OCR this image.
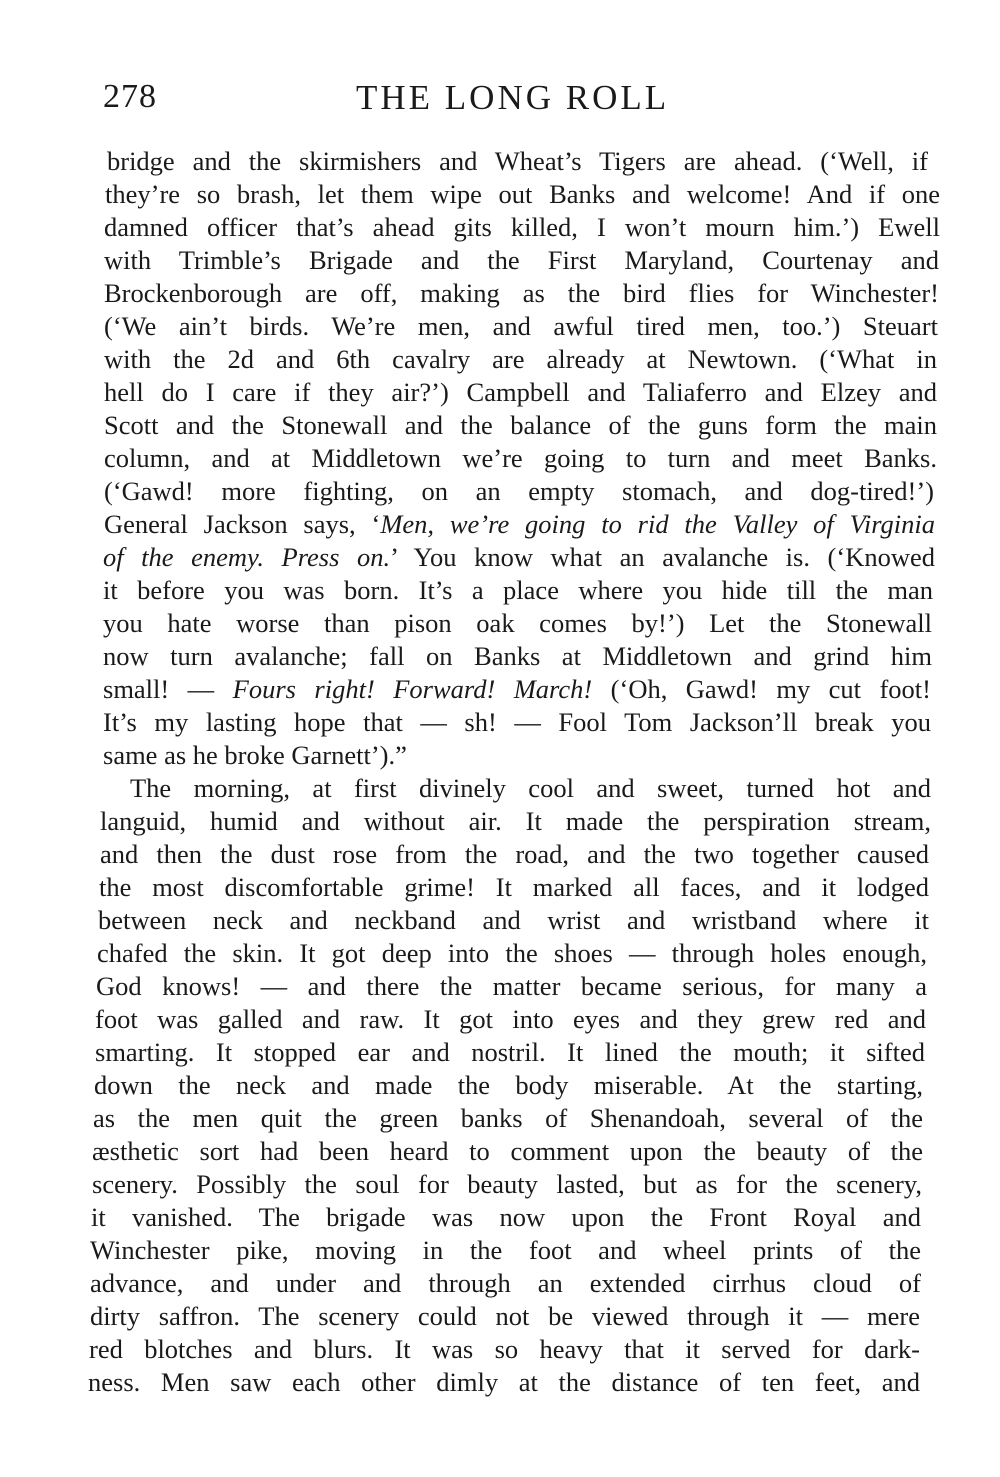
278	THE LONG ROLL
bridge and the skirmishers and Wheat’s Tigers are ahead. (‘Well, if
they’re so brash, let them wipe out Banks and welcome! And if one
damned officer that’s ahead gits killed, I won’t mourn him.’) Ewell
with Trimble’s Brigade and the First Maryland, Courtenay and
Brockenborough are off, making as the bird flies for Winchester!
(‘We ain’t birds. We’re men, and awful tired men, too.’) Steuart
with the 2d and 6th cavalry are already at Newtown. (‘What in
hell do I care if they air?’) Campbell and Taliaferro and Elzey and
Scott and the Stonewall and the balance of the guns form the main
column, and at Middletown we’re going to turn and meet Banks.
(‘Gawd! more fighting, on an empty stomach, and dog-tired!’)
General Jackson says, ‘Men, we’re going to rid the Valley of Virginia
of the enemy. Press on.’ You know what an avalanche is. (‘Knowed
it before you was born. It’s a place where you hide till the man
you hate worse than pison oak comes by!’) Let the Stonewall
now turn avalanche; fall on Banks at Middletown and grind him
small! — Fours right! Forward! March! (‘Oh, Gawd! my cut foot!
It’s my lasting hope that — sh! — Fool Tom Jackson’ll break you
same as he broke Garnett’).”
The morning, at first divinely cool and sweet, turned hot and
languid, humid and without air. It made the perspiration stream,
and then the dust rose from the road, and the two together caused
the most discomfortable grime! It marked all faces, and it lodged
between neck and neckband and wrist and wristband where it
chafed the skin. It got deep into the shoes — through holes enough,
God knows! — and there the matter became serious, for many a
foot was galled and raw. It got into eyes and they grew red and
smarting. It stopped ear and nostril. It lined the mouth; it sifted
down the neck and made the body miserable. At the starting,
as the men quit the green banks of Shenandoah, several of the
æsthetic sort had been heard to comment upon the beauty of the
scenery. Possibly the soul for beauty lasted, but as for the scenery,
it vanished. The brigade was now upon the Front Royal and
Winchester pike, moving in the foot and wheel prints of the
advance, and under and through an extended cirrhus cloud of
dirty saffron. The scenery could not be viewed through it — mere
red blotches and blurs. It was so heavy that it served for dark-
ness. Men saw each other dimly at the distance of ten feet, and
